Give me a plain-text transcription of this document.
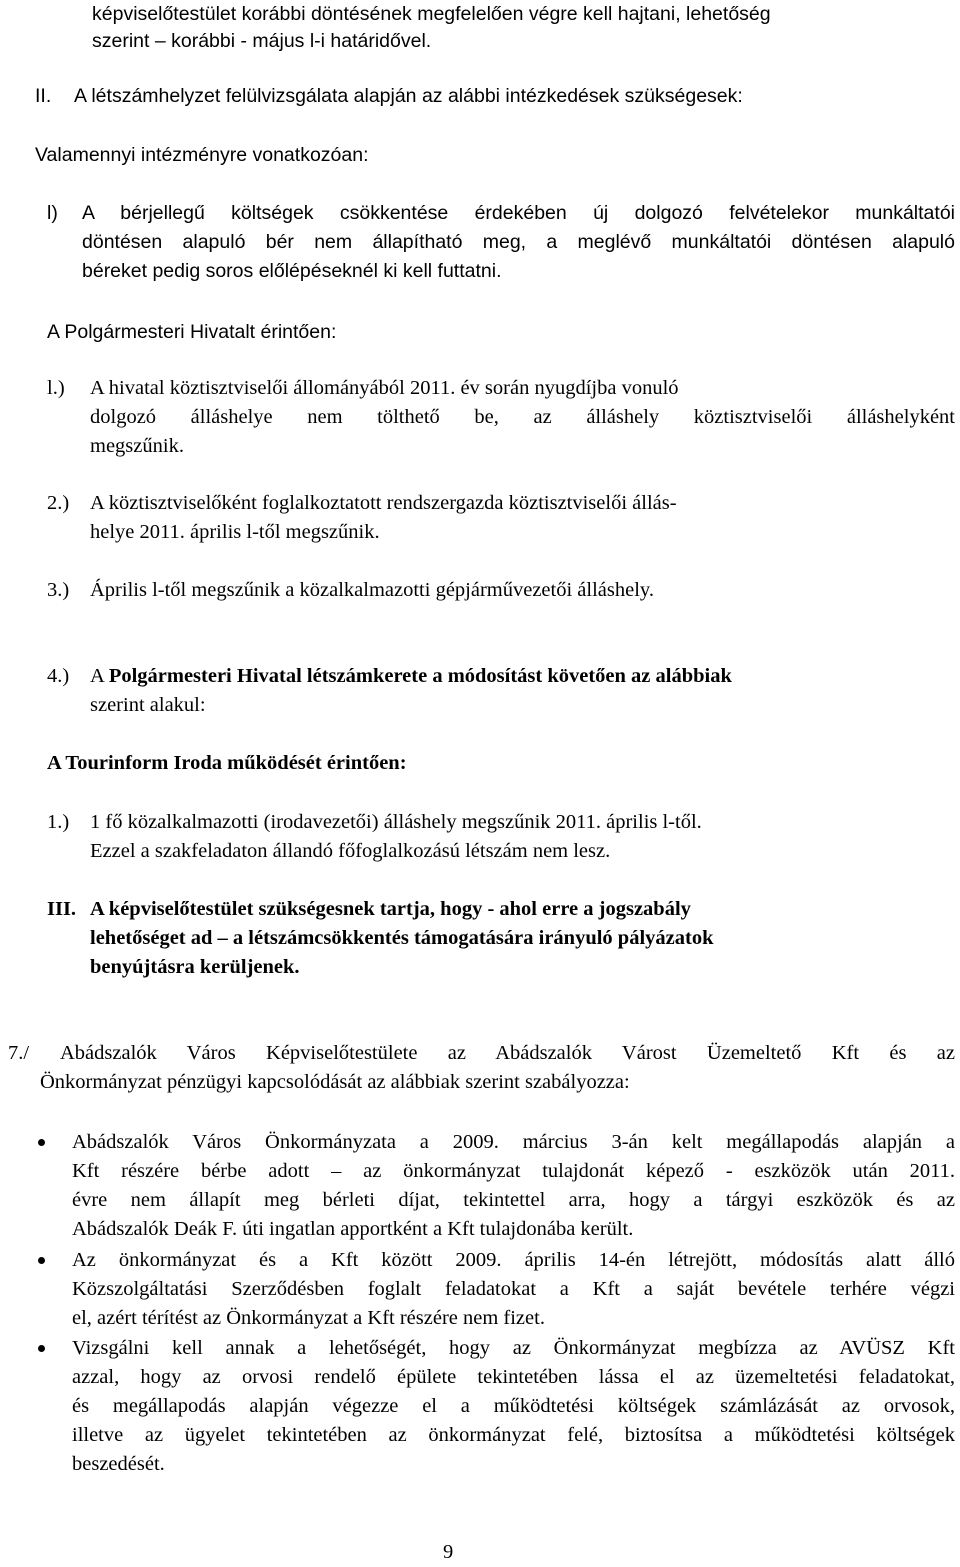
képviselőtestület korábbi döntésének megfelelően végre kell hajtani, lehetőség
szerint – korábbi - május l-i határidővel.
II. A létszámhelyzet felülvizsgálata alapján az alábbi intézkedések szükségesek:
Valamennyi intézményre vonatkozóan:
l) A bérjellegű költségek csökkentése érdekében új dolgozó felvételekor munkáltatói
döntésen alapuló bér nem állapítható meg, a meglévő munkáltatói döntésen alapuló
béreket pedig soros előlépéseknél ki kell futtatni.
A Polgármesteri Hivatalt érintően:
l.) A hivatal köztisztviselői állományából 2011. év során nyugdíjba vonuló
dolgozó álláshelye nem tölthető be, az álláshely köztisztviselői álláshelyként
megszűnik.
2.) A köztisztviselőként foglalkoztatott rendszergazda köztisztviselői állás-
helye 2011. április l-től megszűnik.
3.) Április l-től megszűnik a közalkalmazotti gépjárművezetői álláshely.
4.) A Polgármesteri Hivatal létszámkerete a módosítást követően az alábbiak
szerint alakul:
A Tourinform Iroda működését érintően:
1.) 1 fő közalkalmazotti (irodavezetői) álláshely megszűnik 2011. április l-től.
Ezzel a szakfeladaton állandó főfoglalkozású létszám nem lesz.
III. A képviselőtestület szükségesnek tartja, hogy - ahol erre a jogszabály
lehetőséget ad – a létszámcsökkentés támogatására irányuló pályázatok
benyújtásra kerüljenek.
7./ Abádszalók Város Képviselőtestülete az Abádszalók Várost Üzemeltető Kft és az
Önkormányzat pénzügyi kapcsolódását az alábbiak szerint szabályozza:
Abádszalók Város Önkormányzata a 2009. március 3-án kelt megállapodás alapján a
Kft részére bérbe adott – az önkormányzat tulajdonát képező - eszközök után 2011.
évre nem állapít meg bérleti díjat, tekintettel arra, hogy a tárgyi eszközök és az
Abádszalók Deák F. úti ingatlan apportként a Kft tulajdonába került.
Az önkormányzat és a Kft között 2009. április 14-én létrejött, módosítás alatt álló
Közszolgáltatási Szerződésben foglalt feladatokat a Kft a saját bevétele terhére végzi
el, azért térítést az Önkormányzat a Kft részére nem fizet.
Vizsgálni kell annak a lehetőségét, hogy az Önkormányzat megbízza az AVÜSZ Kft
azzal, hogy az orvosi rendelő épülete tekintetében lássa el az üzemeltetési feladatokat,
és megállapodás alapján végezze el a működtetési költségek számlázását az orvosok,
illetve az ügyelet tekintetében az önkormányzat felé, biztosítsa a működtetési költségek
beszedését.
9
